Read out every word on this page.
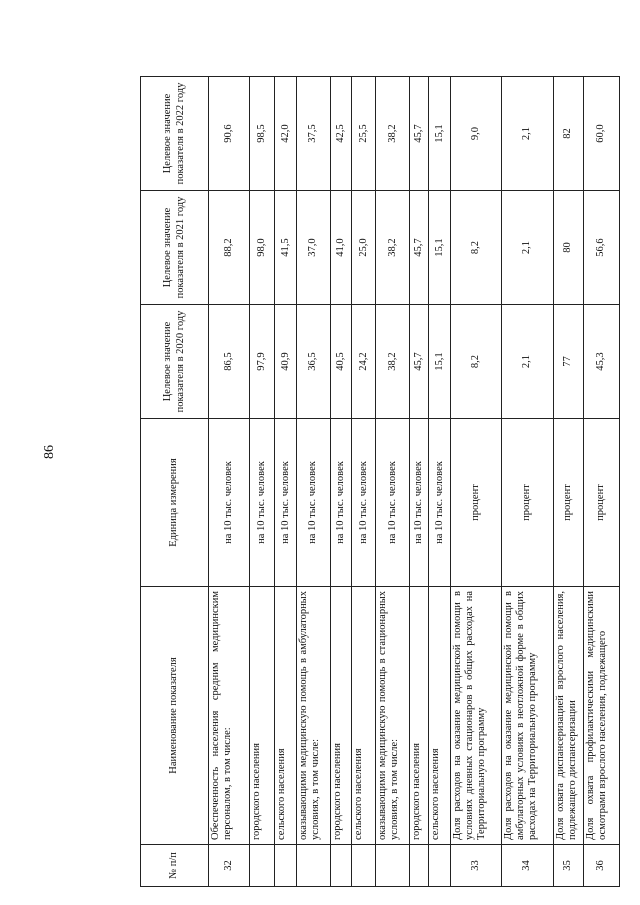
86
№ п/п	Наименование показателя	Единица измерения	Целевое значение показателя в 2020 году	Целевое значение показателя в 2021 году	Целевое значение показателя в 2022 году
32	Обеспеченность населения средним медицинским персоналом, в том числе:	на 10 тыс. человек	86,5	88,2	90,6
	городского населения	на 10 тыс. человек	97,9	98,0	98,5
	сельского населения	на 10 тыс. человек	40,9	41,5	42,0
	оказывающими медицинскую помощь в амбулаторных условиях, в том числе:	на 10 тыс. человек	36,5	37,0	37,5
	городского населения	на 10 тыс. человек	40,5	41,0	42,5
	сельского населения	на 10 тыс. человек	24,2	25,0	25,5
	оказывающими медицинскую помощь в стационарных условиях, в том числе:	на 10 тыс. человек	38,2	38,2	38,2
	городского населения	на 10 тыс. человек	45,7	45,7	45,7
	сельского населения	на 10 тыс. человек	15,1	15,1	15,1
33	Доля расходов на оказание медицинской помощи в условиях дневных стационаров в общих расходах на Территориальную программу	процент	8,2	8,2	9,0
34	Доля расходов на оказание медицинской помощи в амбулаторных условиях в неотложной форме в общих расходах на Территориальную программу	процент	2,1	2,1	2,1
35	Доля охвата диспансеризацией взрослого населения, подлежащего диспансеризации	процент	77	80	82
36	Доля охвата профилактическими медицинскими осмотрами взрослого населения, подлежащего	процент	45,3	56,6	60,0
